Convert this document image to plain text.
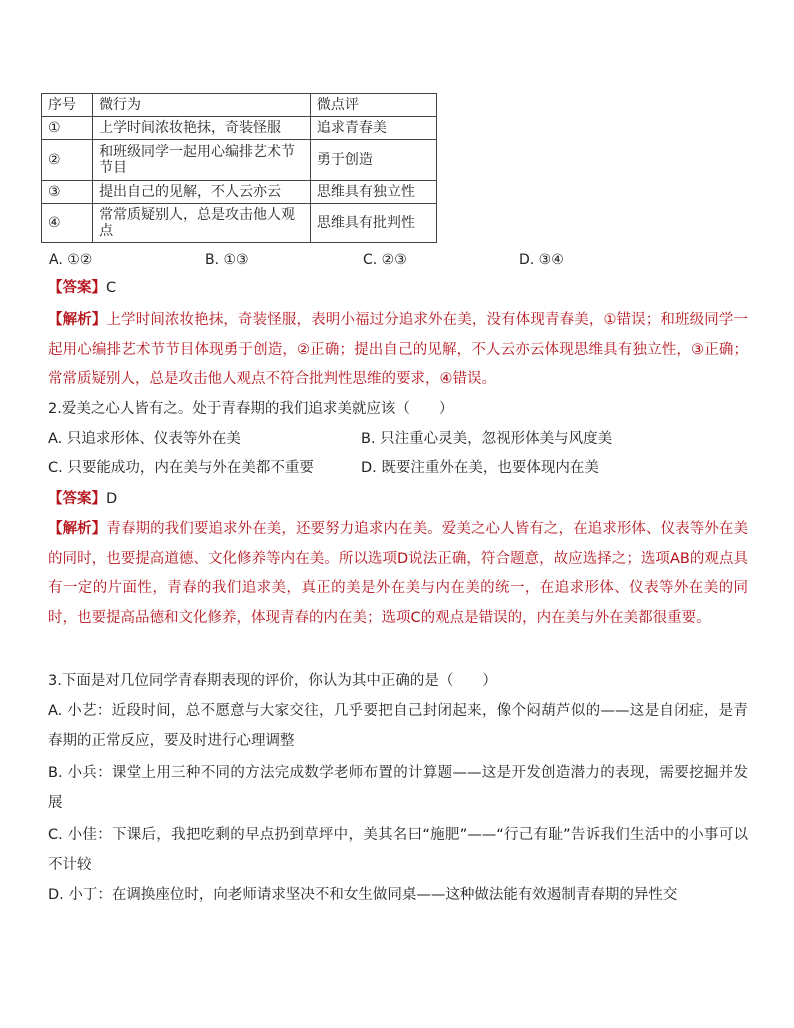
序号	微行为	微点评
①	上学时间浓妆艳抹，奇装怪服	追求青春美
②	和班级同学一起用心编排艺术节节目	勇于创造
③	提出自己的见解，不人云亦云	思维具有独立性
④	常常质疑别人，总是攻击他人观点	思维具有批判性
A. ①②	B. ①③	C. ②③	D. ③④
【答案】C
【解析】上学时间浓妆艳抹，奇装怪服，表明小福过分追求外在美，没有体现青春美，①错误；和班级同学一起用心编排艺术节节目体现勇于创造，②正确；提出自己的见解，不人云亦云体现思维具有独立性，③正确；常常质疑别人，总是攻击他人观点不符合批判性思维的要求，④错误。
2.爱美之心人皆有之。处于青春期的我们追求美就应该（　　）
A. 只追求形体、仪表等外在美	B. 只注重心灵美，忽视形体美与风度美
C. 只要能成功，内在美与外在美都不重要	D. 既要注重外在美，也要体现内在美
【答案】D
【解析】青春期的我们要追求外在美，还要努力追求内在美。爱美之心人皆有之，在追求形体、仪表等外在美的同时，也要提高道德、文化修养等内在美。所以选项D说法正确，符合题意，故应选择之；选项AB的观点具有一定的片面性，青春的我们追求美，真正的美是外在美与内在美的统一，在追求形体、仪表等外在美的同时，也要提高品德和文化修养，体现青春的内在美；选项C的观点是错误的，内在美与外在美都很重要。
3.下面是对几位同学青春期表现的评价，你认为其中正确的是（　　）
A. 小艺：近段时间，总不愿意与大家交往，几乎要把自己封闭起来，像个闷葫芦似的——这是自闭症，是青春期的正常反应，要及时进行心理调整
B. 小兵：课堂上用三种不同的方法完成数学老师布置的计算题——这是开发创造潜力的表现，需要挖掘并发展
C. 小佳：下课后，我把吃剩的早点扔到草坪中，美其名曰“施肥”——“行己有耻”告诉我们生活中的小事可以不计较
D. 小丁：在调换座位时，向老师请求坚决不和女生做同桌——这种做法能有效遏制青春期的异性交
